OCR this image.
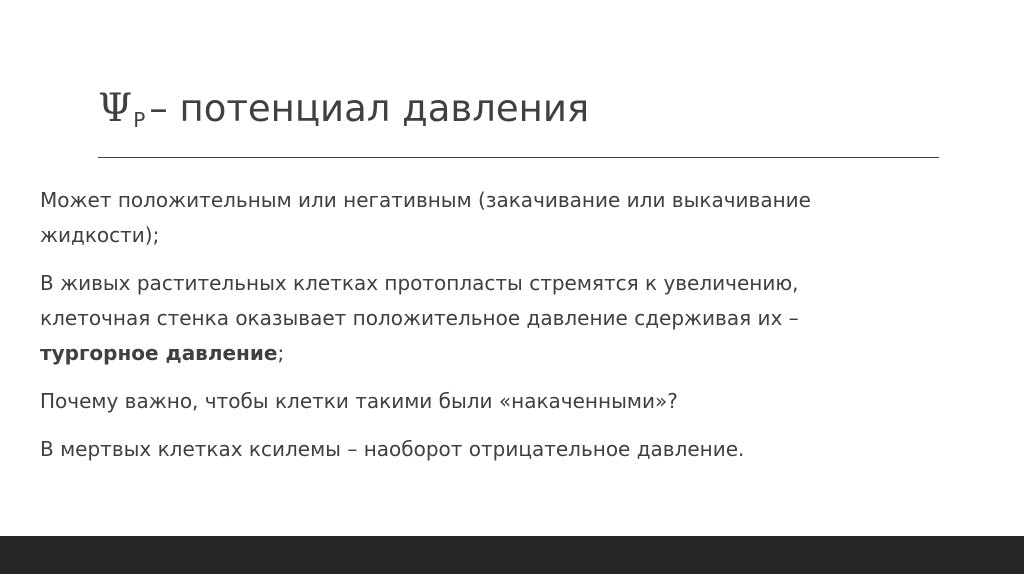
ΨP – потенциал давления

Может положительным или негативным (закачивание или выкачивание жидкости);

В живых растительных клетках протопласты стремятся к увеличению,
клеточная стенка оказывает положительное давление сдерживая их –
тургорное давление;

Почему важно, чтобы клетки такими были «накаченными»?

В мертвых клетках ксилемы – наоборот отрицательное давление.
